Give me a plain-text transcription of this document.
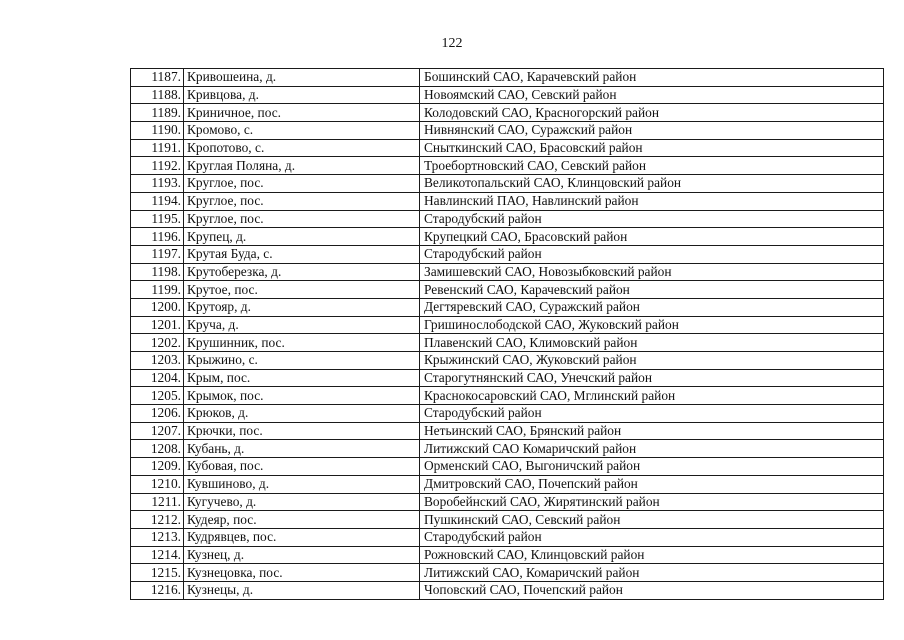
122
1187.	Кривошеина, д.	Бошинский САО, Карачевский район
1188.	Кривцова, д.	Новоямский САО, Севский район
1189.	Криничное, пос.	Колодовский САО, Красногорский район
1190.	Кромово, с.	Нивнянский САО, Суражский район
1191.	Кропотово, с.	Сныткинский САО, Брасовский район
1192.	Круглая Поляна, д.	Троебортновский САО, Севский район
1193.	Круглое, пос.	Великотопальский САО, Клинцовский район
1194.	Круглое, пос.	Навлинский ПАО, Навлинский район
1195.	Круглое, пос.	Стародубский район
1196.	Крупец, д.	Крупецкий САО, Брасовский район
1197.	Крутая Буда, с.	Стародубский район
1198.	Крутоберезка, д.	Замишевский САО, Новозыбковский район
1199.	Крутое, пос.	Ревенский САО, Карачевский район
1200.	Крутояр, д.	Дегтяревский САО, Суражский район
1201.	Круча, д.	Гришинослободской САО, Жуковский район
1202.	Крушинник, пос.	Плавенский САО, Климовский район
1203.	Крыжино, с.	Крыжинский САО, Жуковский район
1204.	Крым, пос.	Старогутнянский САО, Унечский район
1205.	Крымок, пос.	Краснокосаровский САО, Мглинский район
1206.	Крюков, д.	Стародубский район
1207.	Крючки, пос.	Нетьинский САО, Брянский район
1208.	Кубань, д.	Литижский САО Комаричский район
1209.	Кубовая, пос.	Орменский САО, Выгоничский район
1210.	Кувшиново, д.	Дмитровский САО, Почепский район
1211.	Кугучево, д.	Воробейнский САО, Жирятинский район
1212.	Кудеяр, пос.	Пушкинский САО, Севский район
1213.	Кудрявцев, пос.	Стародубский район
1214.	Кузнец, д.	Рожновский САО, Клинцовский район
1215.	Кузнецовка, пос.	Литижский САО, Комаричский район
1216.	Кузнецы, д.	Чоповский САО, Почепский район
